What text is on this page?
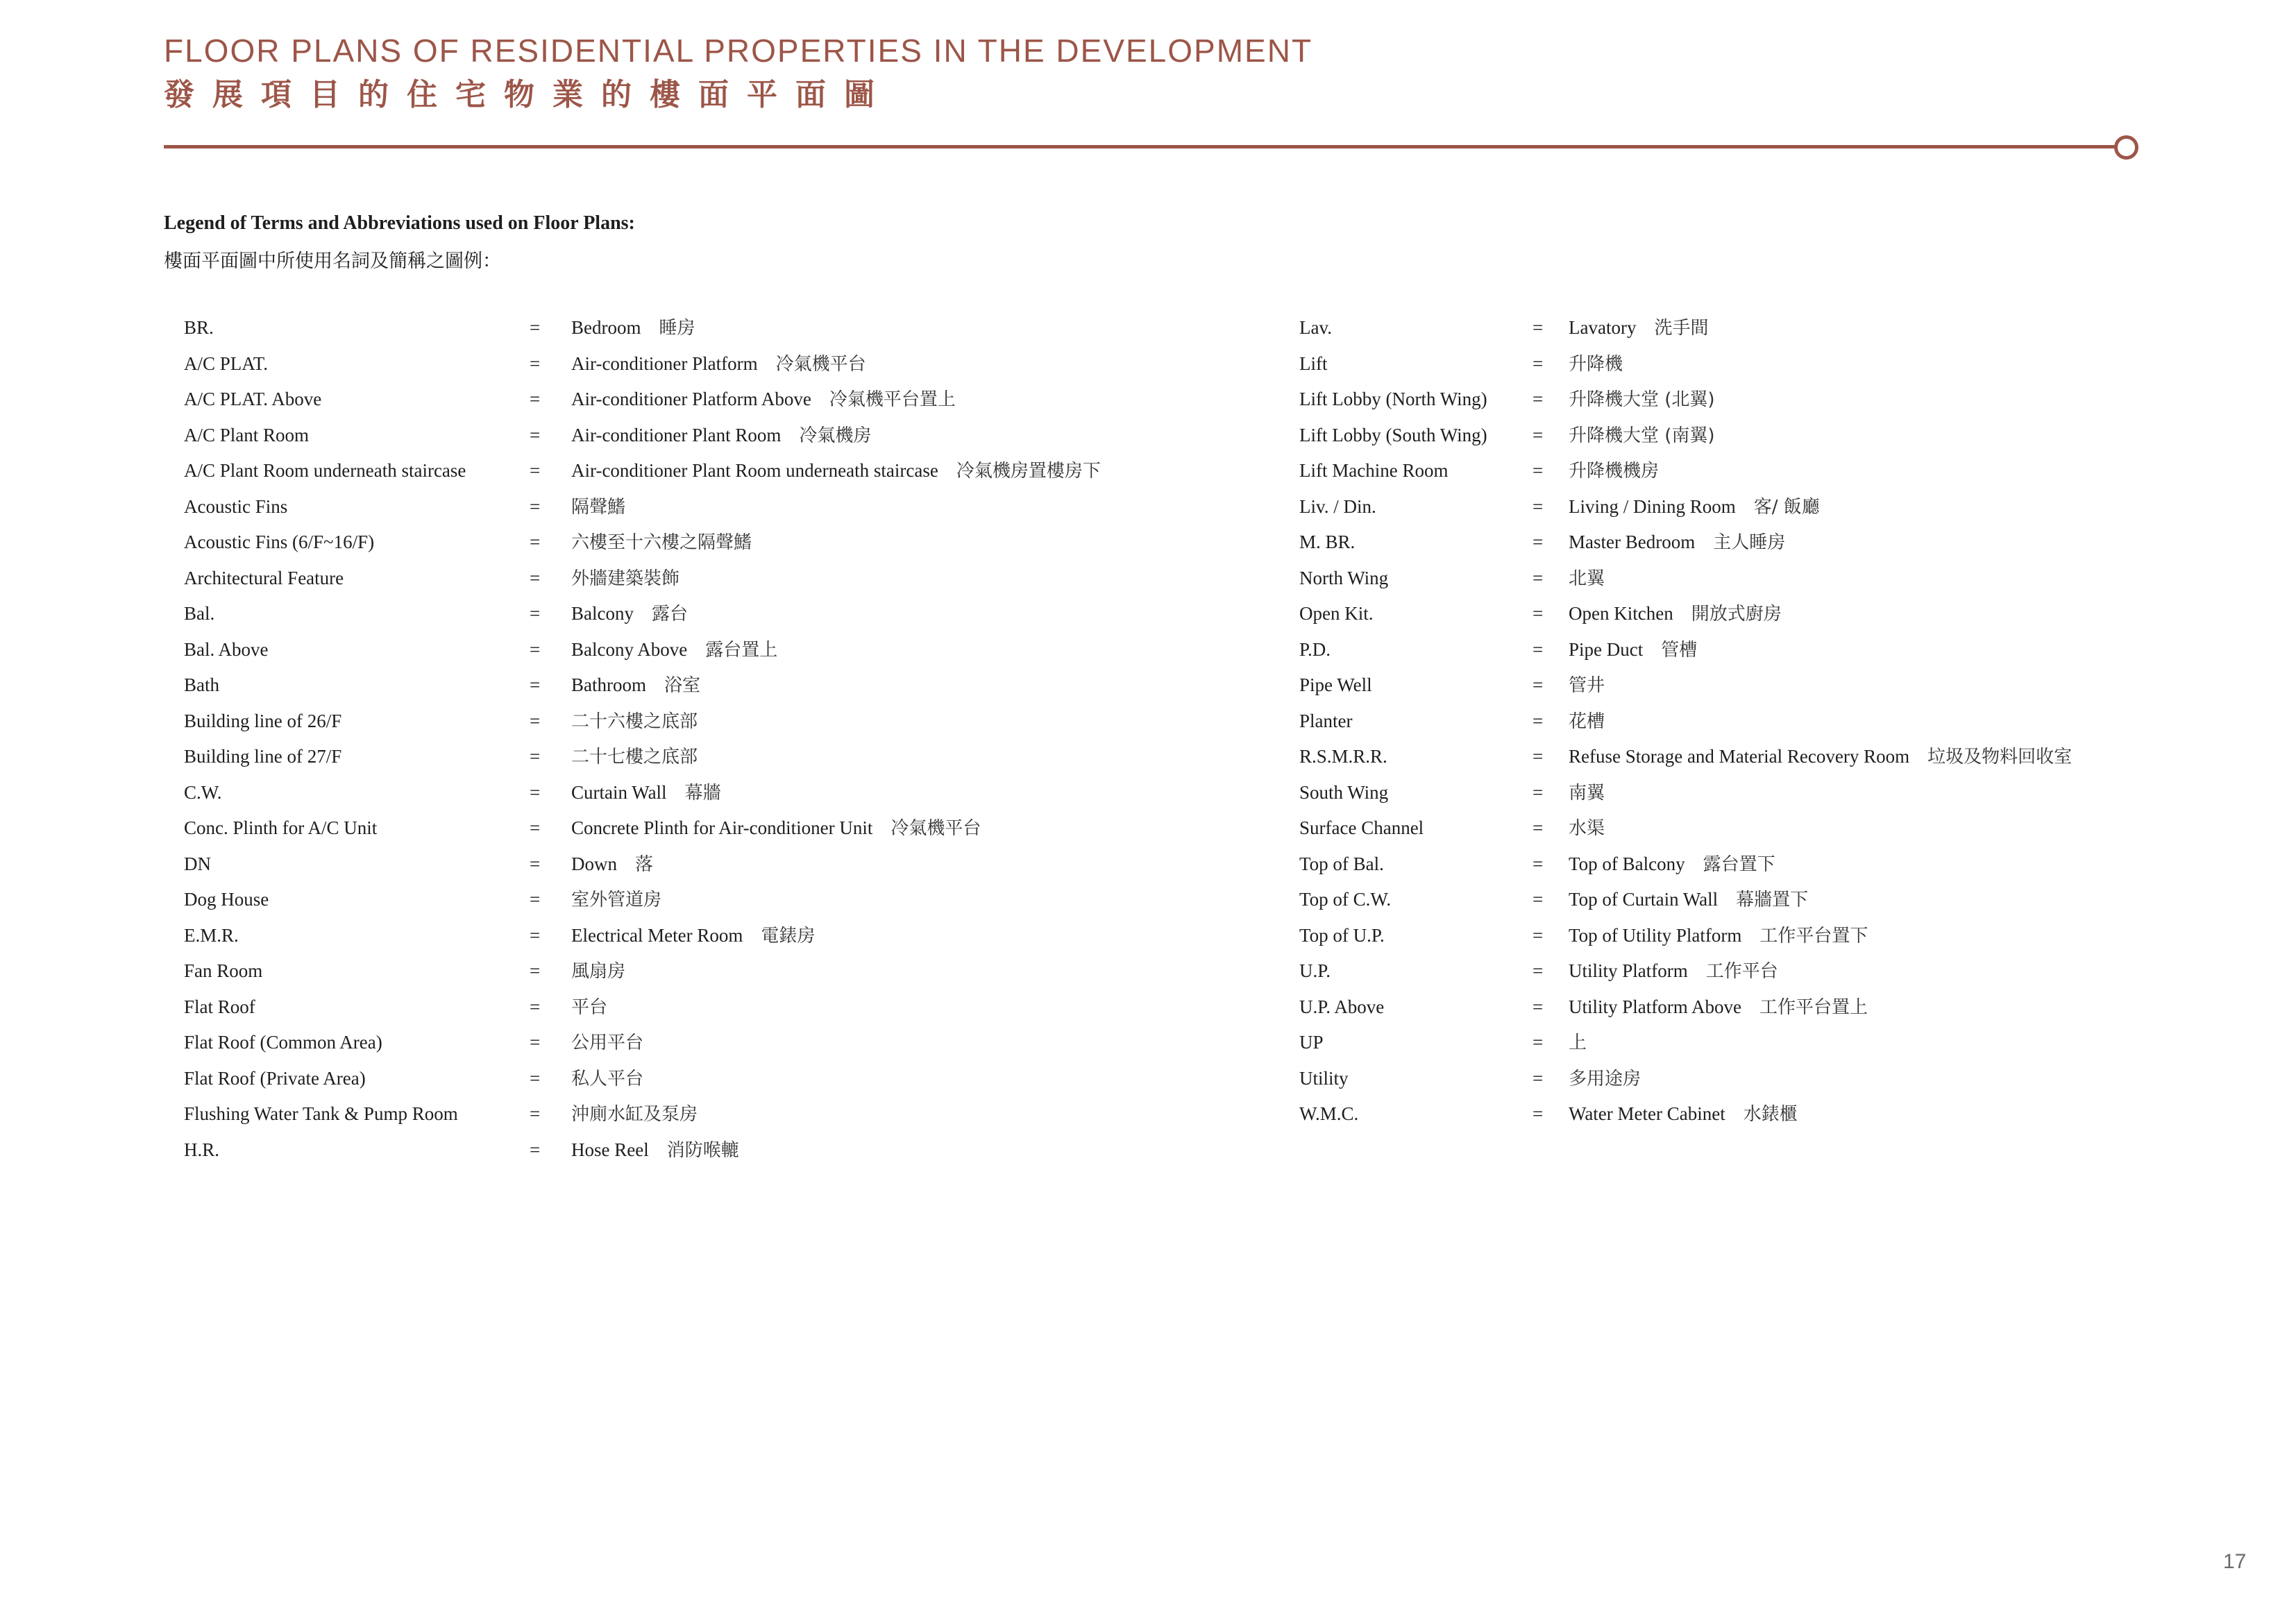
FLOOR PLANS OF RESIDENTIAL PROPERTIES IN THE DEVELOPMENT
發展項目的住宅物業的樓面平面圖
Legend of Terms and Abbreviations used on Floor Plans:
樓面平面圖中所使用名詞及簡稱之圖例：
BR.	= Bedroom 睡房
A/C PLAT.	= Air-conditioner Platform 冷氣機平台
A/C PLAT. Above	= Air-conditioner Platform Above 冷氣機平台置上
A/C Plant Room	= Air-conditioner Plant Room 冷氣機房
A/C Plant Room underneath staircase	= Air-conditioner Plant Room underneath staircase 冷氣機房置樓房下
Acoustic Fins	= 隔聲鰭
Acoustic Fins (6/F~16/F)	= 六樓至十六樓之隔聲鰭
Architectural Feature	= 外牆建築裝飾
Bal.	= Balcony 露台
Bal. Above	= Balcony Above 露台置上
Bath	= Bathroom 浴室
Building line of 26/F	= 二十六樓之底部
Building line of 27/F	= 二十七樓之底部
C.W.	= Curtain Wall 幕牆
Conc. Plinth for A/C Unit	= Concrete Plinth for Air-conditioner Unit 冷氣機平台
DN	= Down 落
Dog House	= 室外管道房
E.M.R.	= Electrical Meter Room 電錶房
Fan Room	= 風扇房
Flat Roof	= 平台
Flat Roof (Common Area)	= 公用平台
Flat Roof (Private Area)	= 私人平台
Flushing Water Tank & Pump Room	= 沖廁水缸及泵房
H.R.	= Hose Reel 消防喉轆
Lav.	= Lavatory 洗手間
Lift	= 升降機
Lift Lobby (North Wing) = 升降機大堂 (北翼)
Lift Lobby (South Wing) = 升降機大堂 (南翼)
Lift Machine Room	= 升降機機房
Liv. / Din.	= Living / Dining Room 客/ 飯廳
M. BR.	= Master Bedroom 主人睡房
North Wing	= 北翼
Open Kit.	= Open Kitchen 開放式廚房
P.D.	= Pipe Duct 管槽
Pipe Well	= 管井
Planter	= 花槽
R.S.M.R.R.	= Refuse Storage and Material Recovery Room 垃圾及物料回收室
South Wing	= 南翼
Surface Channel	= 水渠
Top of Bal.	= Top of Balcony 露台置下
Top of C.W.	= Top of Curtain Wall 幕牆置下
Top of U.P.	= Top of Utility Platform 工作平台置下
U.P.	= Utility Platform 工作平台
U.P. Above	= Utility Platform Above 工作平台置上
UP	= 上
Utility	= 多用途房
W.M.C.	= Water Meter Cabinet 水錶櫃
17
